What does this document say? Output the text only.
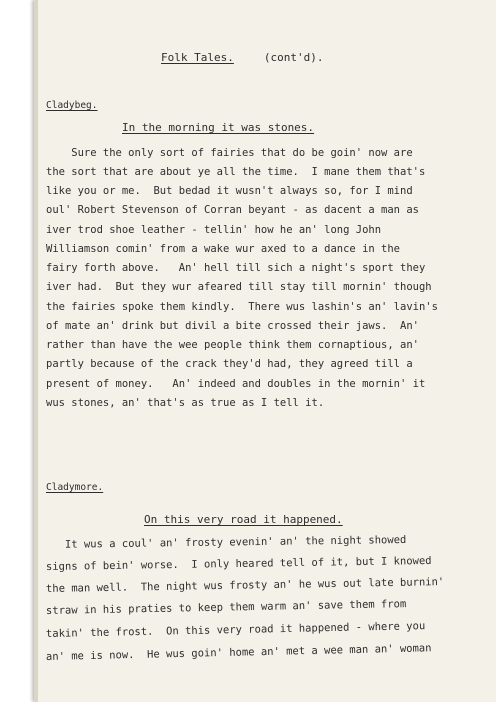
Folk Tales.	(cont'd).
Cladybeg.
In the morning it was stones.
Sure the only sort of fairies that do be goin' now are
the sort that are about ye all the time.  I mane them that's
like you or me.  But bedad it wusn't always so, for I mind
oul' Robert Stevenson of Corran beyant - as dacent a man as
iver trod shoe leather - tellin' how he an' long John
Williamson comin' from a wake wur axed to a dance in the
fairy forth above.   An' hell till sich a night's sport they
iver had.  But they wur afeared till stay till mornin' though
the fairies spoke them kindly.  There wus lashin's an' lavin's
of mate an' drink but divil a bite crossed their jaws.  An'
rather than have the wee people think them cornaptious, an'
partly because of the crack they'd had, they agreed till a
present of money.   An' indeed and doubles in the mornin' it
wus stones, an' that's as true as I tell it.
Cladymore.
On this very road it happened.
It wus a coul' an' frosty evenin' an' the night showed
signs of bein' worse.  I only heared tell of it, but I knowed
the man well.  The night wus frosty an' he wus out late burnin'
straw in his praties to keep them warm an' save them from
takin' the frost.  On this very road it happened - where you
an' me is now.  He wus goin' home an' met a wee man an' woman
